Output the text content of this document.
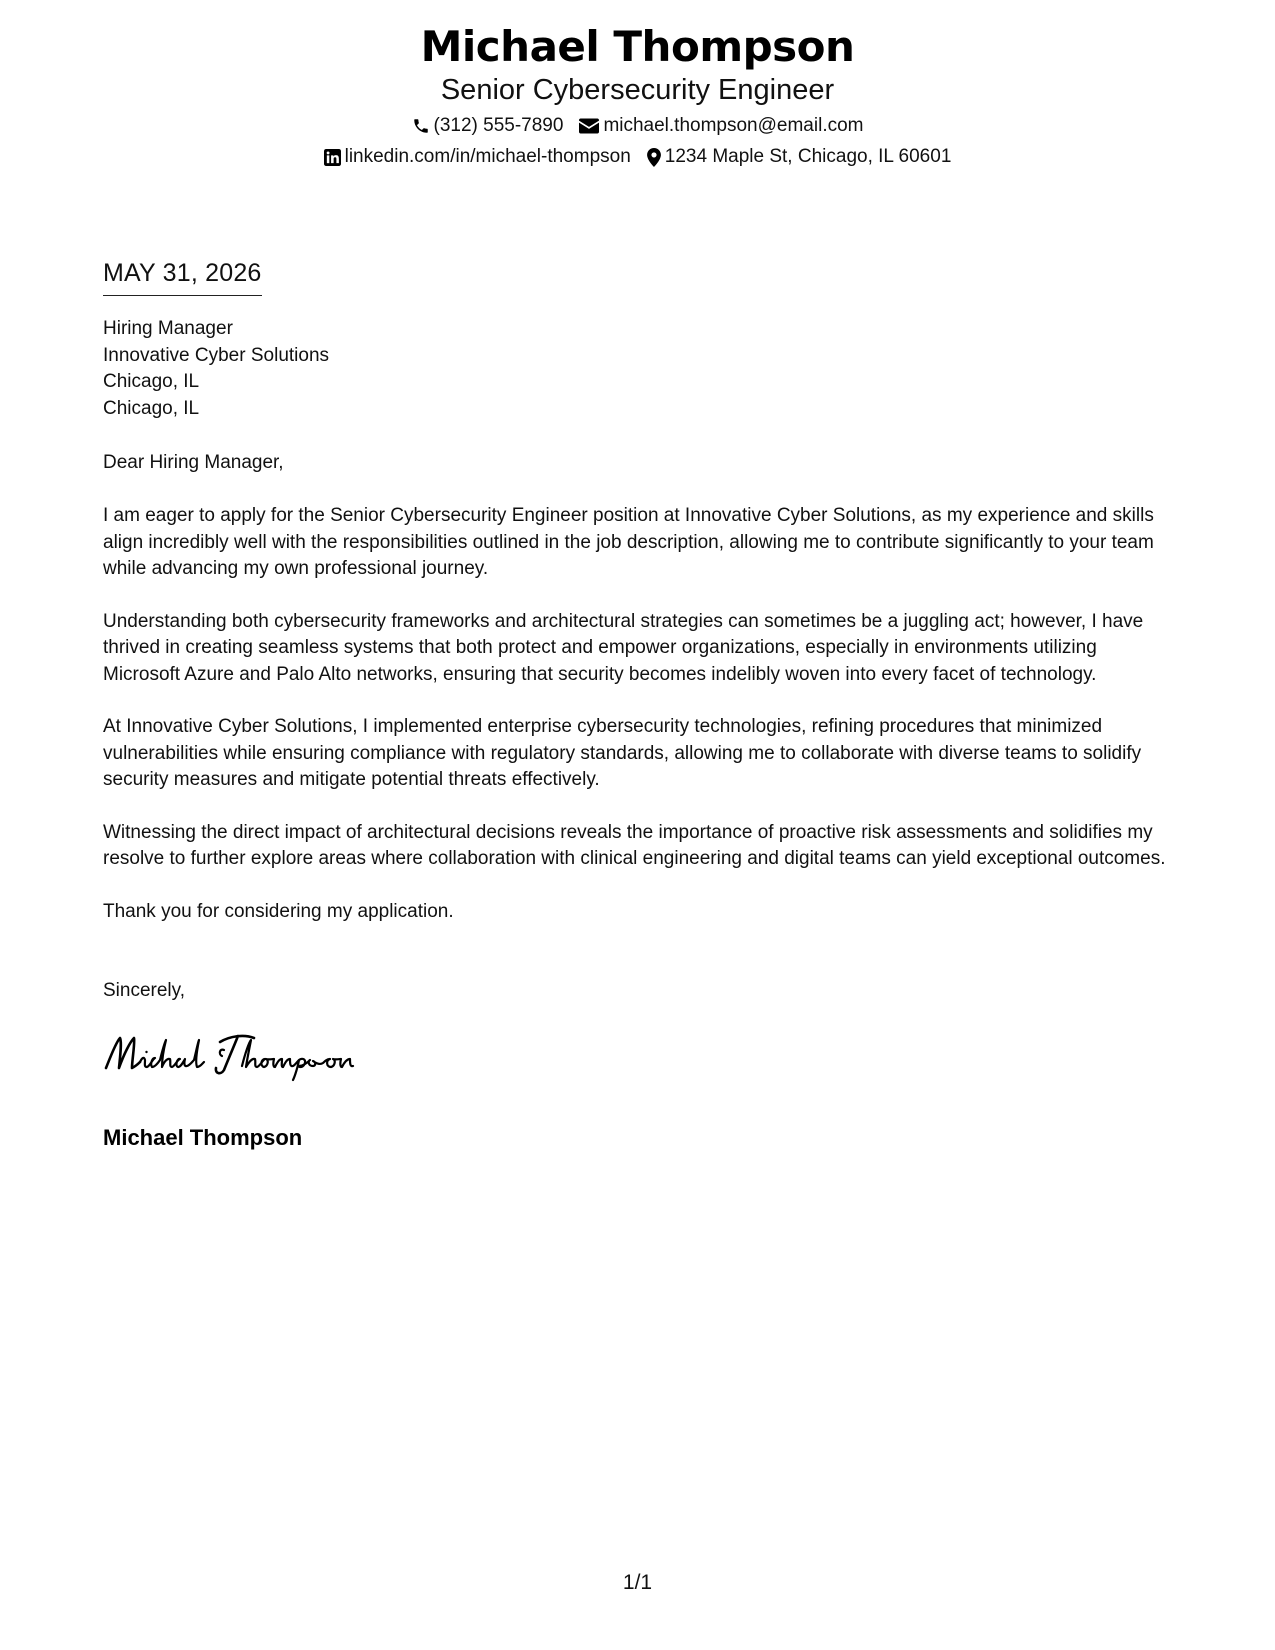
Michael Thompson
Senior Cybersecurity Engineer
(312) 555-7890 michael.thompson@email.com
linkedin.com/in/michael-thompson 1234 Maple St, Chicago, IL 60601
MAY 31, 2026
Hiring Manager
Innovative Cyber Solutions
Chicago, IL
Chicago, IL
Dear Hiring Manager,

I am eager to apply for the Senior Cybersecurity Engineer position at Innovative Cyber Solutions, as my experience and skills align incredibly well with the responsibilities outlined in the job description, allowing me to contribute significantly to your team while advancing my own professional journey.

Understanding both cybersecurity frameworks and architectural strategies can sometimes be a juggling act; however, I have thrived in creating seamless systems that both protect and empower organizations, especially in environments utilizing Microsoft Azure and Palo Alto networks, ensuring that security becomes indelibly woven into every facet of technology.

At Innovative Cyber Solutions, I implemented enterprise cybersecurity technologies, refining procedures that minimized vulnerabilities while ensuring compliance with regulatory standards, allowing me to collaborate with diverse teams to solidify security measures and mitigate potential threats effectively.

Witnessing the direct impact of architectural decisions reveals the importance of proactive risk assessments and solidifies my resolve to further explore areas where collaboration with clinical engineering and digital teams can yield exceptional outcomes.

Thank you for considering my application.

Sincerely,
Michael Thompson
1/1
